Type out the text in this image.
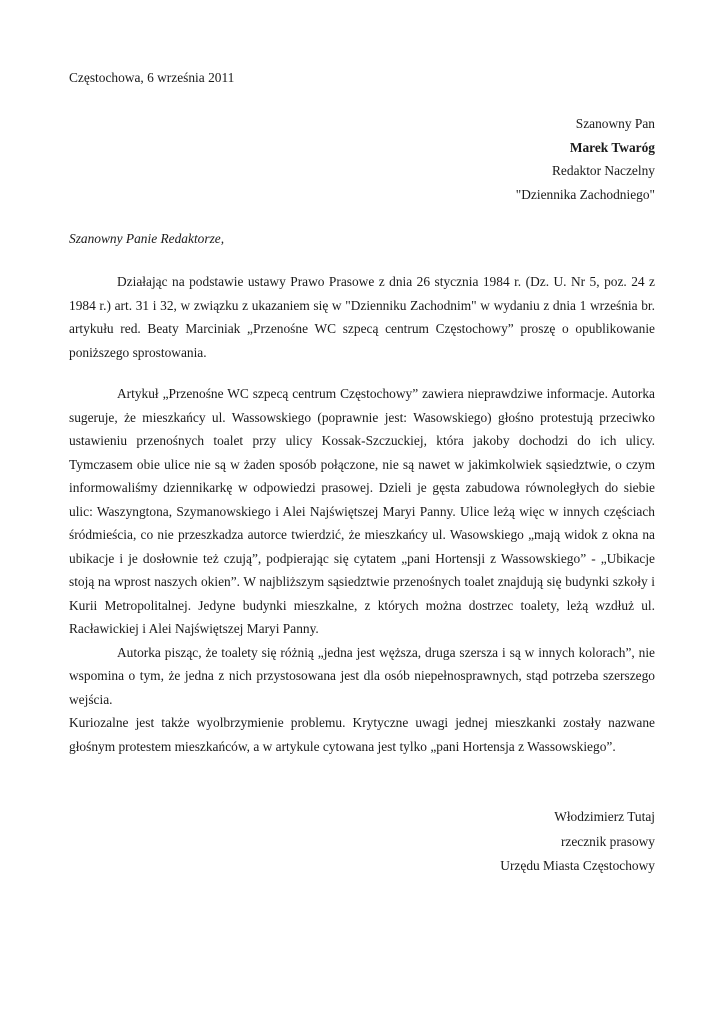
Częstochowa, 6 września 2011

Szanowny Pan
Marek Twaróg
Redaktor Naczelny
"Dziennika Zachodniego"

Szanowny Panie Redaktorze,

Działając na podstawie ustawy Prawo Prasowe z dnia 26 stycznia 1984 r. (Dz. U. Nr 5, poz. 24 z 1984 r.) art. 31 i 32, w związku z ukazaniem się w "Dzienniku Zachodnim" w wydaniu z dnia 1 września br. artykułu red. Beaty Marciniak „Przenośne WC szpecą centrum Częstochowy” proszę o opublikowanie poniższego sprostowania.

Artykuł „Przenośne WC szpecą centrum Częstochowy” zawiera nieprawdziwe informacje. Autorka sugeruje, że mieszkańcy ul. Wassowskiego (poprawnie jest: Wasowskiego) głośno protestują przeciwko ustawieniu przenośnych toalet przy ulicy Kossak-Szczuckiej, która jakoby dochodzi do ich ulicy. Tymczasem obie ulice nie są w żaden sposób połączone, nie są nawet w jakimkolwiek sąsiedztwie, o czym informowaliśmy dziennikarkę w odpowiedzi prasowej. Dzieli je gęsta zabudowa równoległych do siebie ulic: Waszyngtona, Szymanowskiego i Alei Najświętszej Maryi Panny. Ulice leżą więc w innych częściach śródmieścia, co nie przeszkadza autorce twierdzić, że mieszkańcy ul. Wasowskiego „mają widok z okna na ubikacje i je dosłownie też czują”, podpierając się cytatem „pani Hortensji z Wassowskiego” - „Ubikacje stoją na wprost naszych okien”. W najbliższym sąsiedztwie przenośnych toalet znajdują się budynki szkoły i Kurii Metropolitalnej. Jedyne budynki mieszkalne, z których można dostrzec toalety, leżą wzdłuż ul. Racławickiej i Alei Najświętszej Maryi Panny.

Autorka pisząc, że toalety się różnią „jedna jest węższa, druga szersza i są w innych kolorach”, nie wspomina o tym, że jedna z nich przystosowana jest dla osób niepełnosprawnych, stąd potrzeba szerszego wejścia.

Kuriozalne jest także wyolbrzymienie problemu. Krytyczne uwagi jednej mieszkanki zostały nazwane głośnym protestem mieszkańców, a w artykule cytowana jest tylko „pani Hortensja z Wassowskiego”.

Włodzimierz Tutaj
rzecznik prasowy
Urzędu Miasta Częstochowy
